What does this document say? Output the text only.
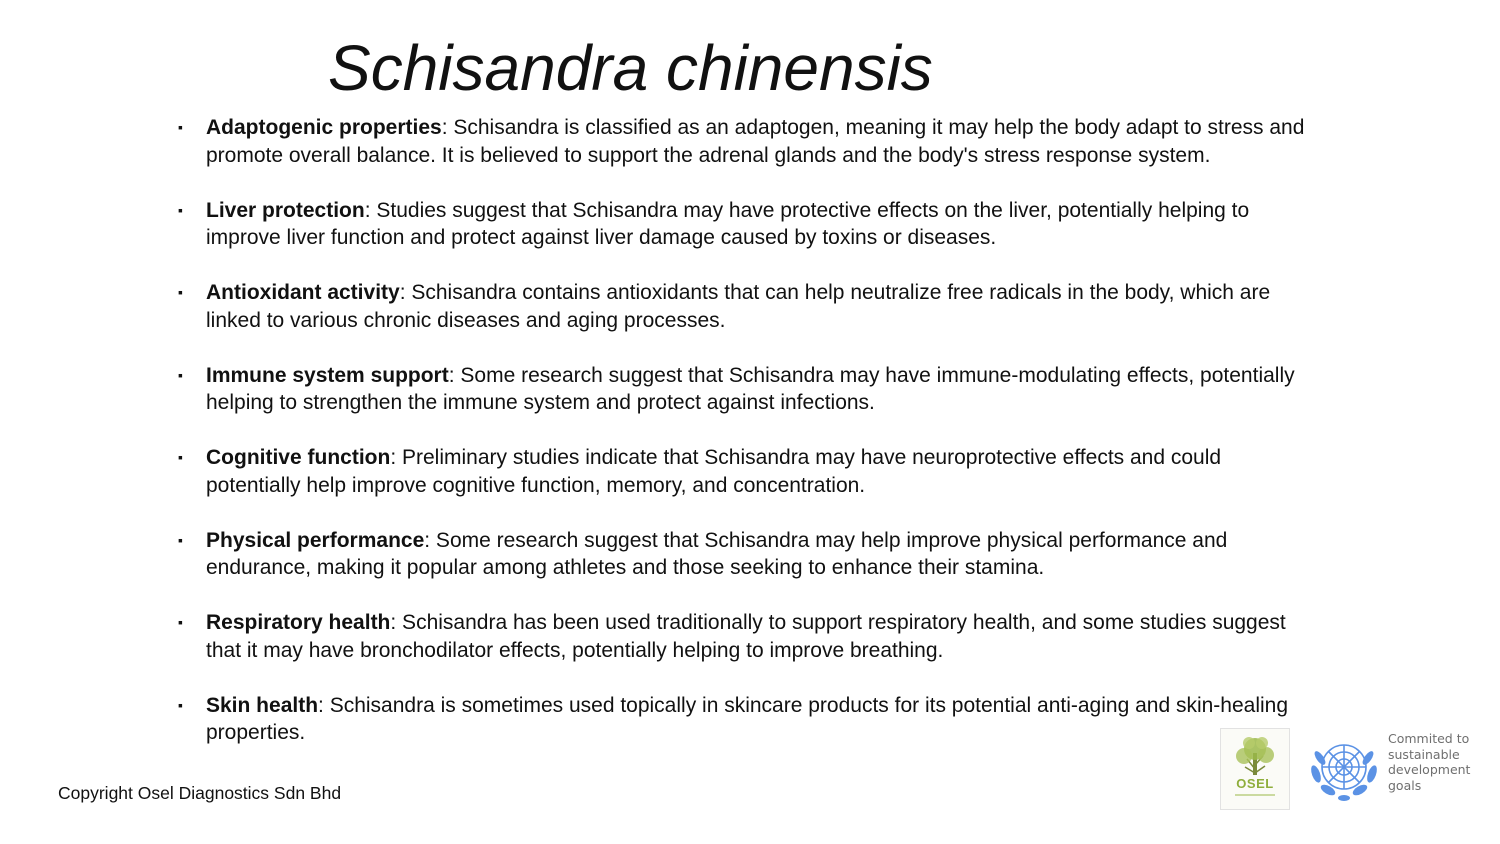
Schisandra chinensis
▪ Adaptogenic properties: Schisandra is classified as an adaptogen, meaning it may help the body adapt to stress and promote overall balance. It is believed to support the adrenal glands and the body's stress response system.
▪ Liver protection: Studies suggest that Schisandra may have protective effects on the liver, potentially helping to improve liver function and protect against liver damage caused by toxins or diseases.
▪ Antioxidant activity: Schisandra contains antioxidants that can help neutralize free radicals in the body, which are linked to various chronic diseases and aging processes.
▪ Immune system support: Some research suggest that Schisandra may have immune-modulating effects, potentially helping to strengthen the immune system and protect against infections.
▪ Cognitive function: Preliminary studies indicate that Schisandra may have neuroprotective effects and could potentially help improve cognitive function, memory, and concentration.
▪ Physical performance: Some research suggest that Schisandra may help improve physical performance and endurance, making it popular among athletes and those seeking to enhance their stamina.
▪ Respiratory health: Schisandra has been used traditionally to support respiratory health, and some studies suggest that it may have bronchodilator effects, potentially helping to improve breathing.
▪ Skin health: Schisandra is sometimes used topically in skincare products for its potential anti-aging and skin-healing properties.
Copyright Osel Diagnostics Sdn Bhd	OSEL
Commited to
sustainable
development
goals
